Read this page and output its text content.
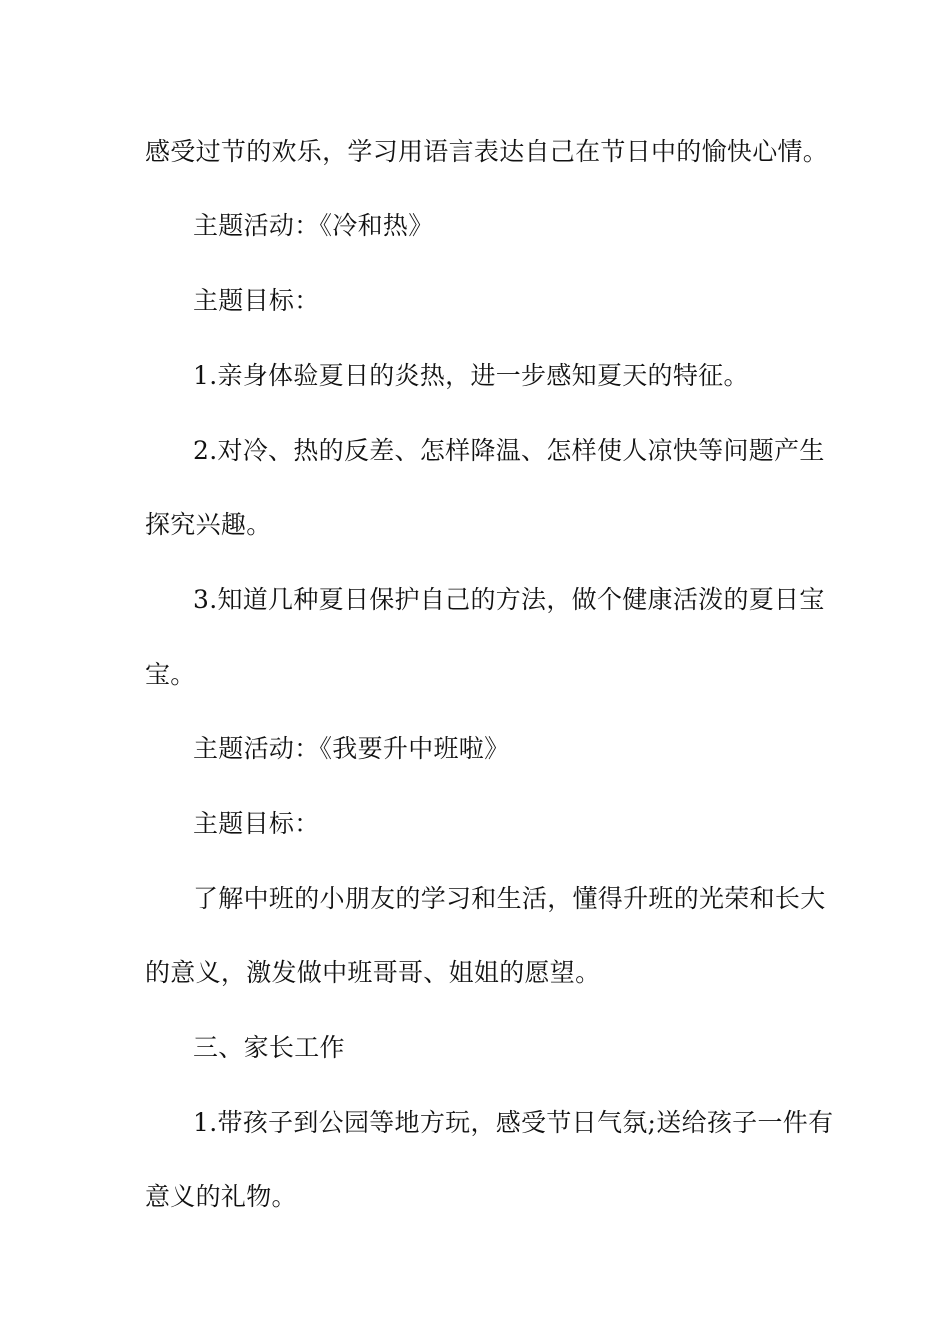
感受过节的欢乐，学习用语言表达自己在节日中的愉快心情。
主题活动：《冷和热》
主题目标：
1.亲身体验夏日的炎热，进一步感知夏天的特征。
2.对冷、热的反差、怎样降温、怎样使人凉快等问题产生
探究兴趣。
3.知道几种夏日保护自己的方法，做个健康活泼的夏日宝
宝。
主题活动：《我要升中班啦》
主题目标：
了解中班的小朋友的学习和生活，懂得升班的光荣和长大
的意义，激发做中班哥哥、姐姐的愿望。
三、家长工作
1.带孩子到公园等地方玩，感受节日气氛;送给孩子一件有
意义的礼物。
